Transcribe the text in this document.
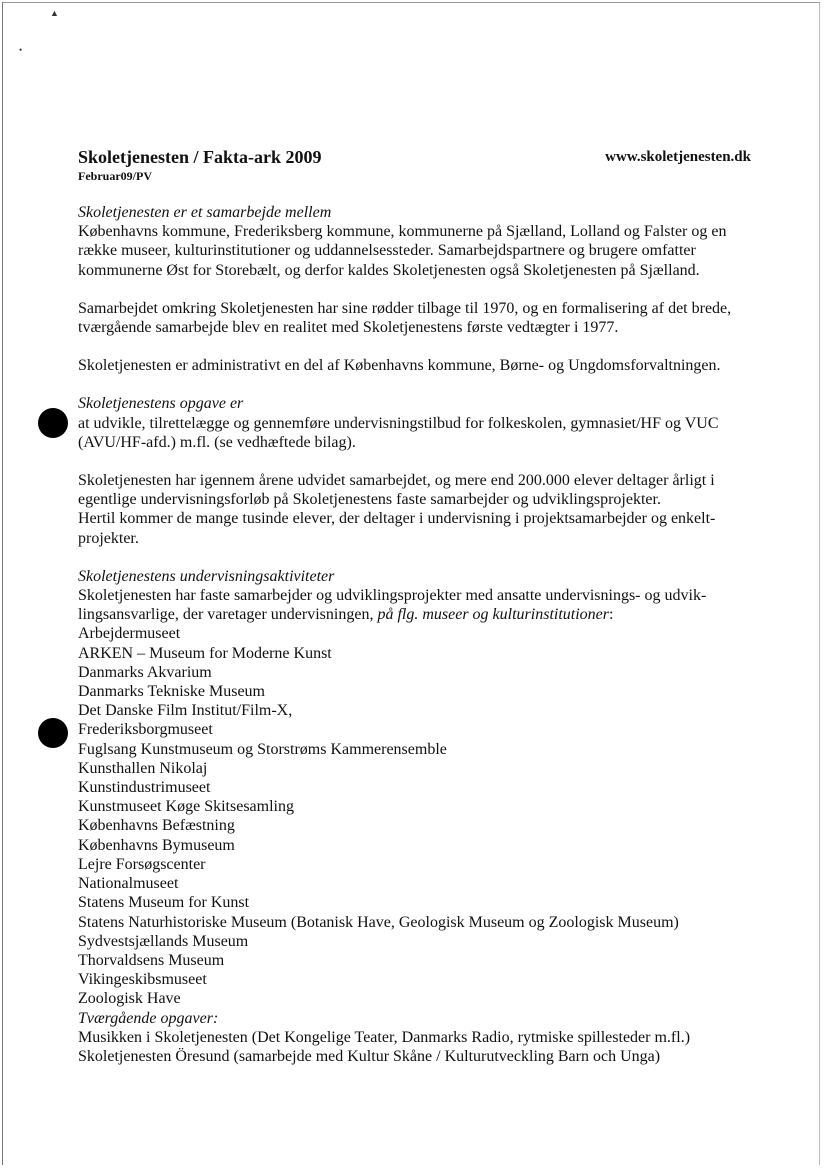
▲
•
Skoletjenesten / Fakta-ark 2009	www.skoletjenesten.dk
Februar09/PV

Skoletjenesten er et samarbejde mellem

Københavns kommune, Frederiksberg kommune, kommunerne på Sjælland, Lolland og Falster og en række museer, kulturinstitutioner og uddannelsessteder. Samarbejdspartnere og brugere omfatter kommunerne Øst for Storebælt, og derfor kaldes Skoletjenesten også Skoletjenesten på Sjælland.

Samarbejdet omkring Skoletjenesten har sine rødder tilbage til 1970, og en formalisering af det brede, tværgående samarbejde blev en realitet med Skoletjenestens første vedtægter i 1977.

Skoletjenesten er administrativt en del af Københavns kommune, Børne- og Ungdomsforvaltningen.

Skoletjenestens opgave er

at udvikle, tilrettelægge og gennemføre undervisningstilbud for folkeskolen, gymnasiet/HF og VUC (AVU/HF-afd.) m.fl. (se vedhæftede bilag).

Skoletjenesten har igennem årene udvidet samarbejdet, og mere end 200.000 elever deltager årligt i egentlige undervisningsforløb på Skoletjenestens faste samarbejder og udviklingsprojekter.

Hertil kommer de mange tusinde elever, der deltager i undervisning i projektsamarbejder og enkelt-projekter.

Skoletjenestens undervisningsaktiviteter

Skoletjenesten har faste samarbejder og udviklingsprojekter med ansatte undervisnings- og udvik-lingsansvarlige, der varetager undervisningen, på flg. museer og kulturinstitutioner:

Arbejdermuseet
ARKEN – Museum for Moderne Kunst
Danmarks Akvarium
Danmarks Tekniske Museum
Det Danske Film Institut/Film-X,
Frederiksborgmuseet
Fuglsang Kunstmuseum og Storstrøms Kammerensemble
Kunsthallen Nikolaj
Kunstindustrimuseet
Kunstmuseet Køge Skitsesamling
Københavns Befæstning
Københavns Bymuseum
Lejre Forsøgscenter
Nationalmuseet
Statens Museum for Kunst
Statens Naturhistoriske Museum (Botanisk Have, Geologisk Museum og Zoologisk Museum)
Sydvestsjællands Museum
Thorvaldsens Museum
Vikingeskibsmuseet
Zoologisk Have

Tværgående opgaver:

Musikken i Skoletjenesten (Det Kongelige Teater, Danmarks Radio, rytmiske spillesteder m.fl.)
Skoletjenesten Öresund (samarbejde med Kultur Skåne / Kulturutveckling Barn och Unga)
